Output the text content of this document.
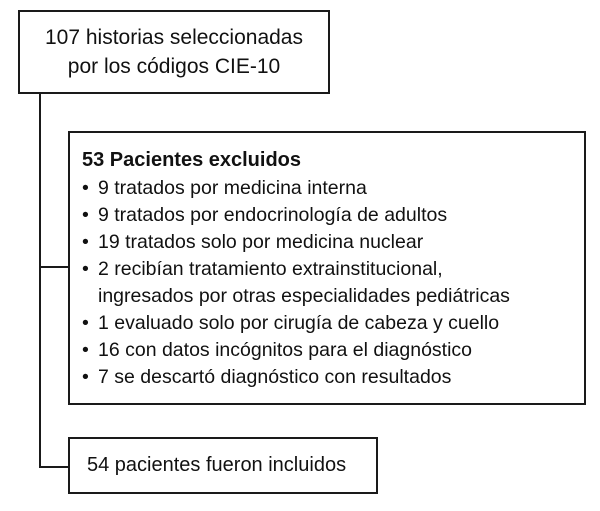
107 historias seleccionadas
por los códigos CIE-10
53 Pacientes excluidos
• 9 tratados por medicina interna
• 9 tratados por endocrinología de adultos
• 19 tratados solo por medicina nuclear
• 2 recibían tratamiento extrainstitucional,
ingresados por otras especialidades pediátricas
• 1 evaluado solo por cirugía de cabeza y cuello
• 16 con datos incógnitos para el diagnóstico
• 7 se descartó diagnóstico con resultados
54 pacientes fueron incluidos
